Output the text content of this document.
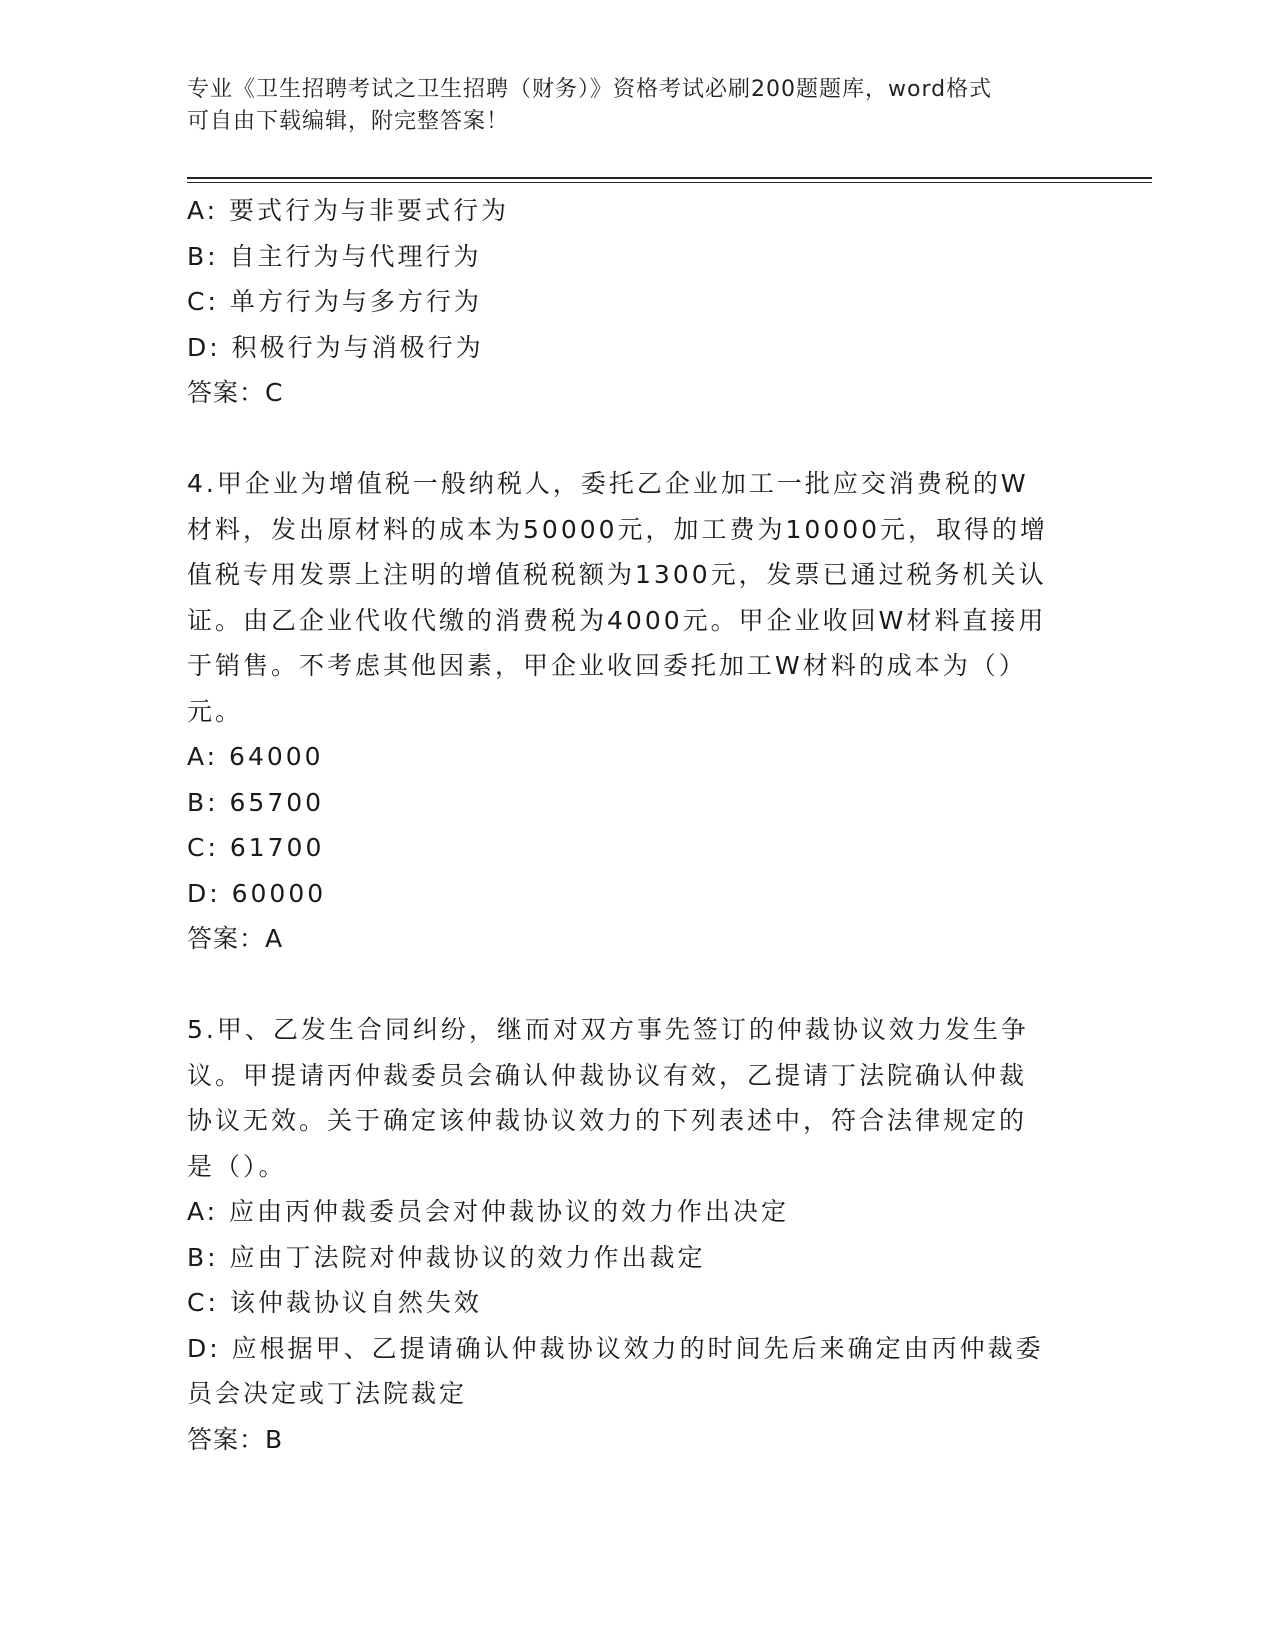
专业《卫生招聘考试之卫生招聘（财务）》资格考试必刷200题题库，word格式
可自由下载编辑，附完整答案！
A: 要式行为与非要式行为
B: 自主行为与代理行为
C: 单方行为与多方行为
D: 积极行为与消极行为
答案：C
4.甲企业为增值税一般纳税人，委托乙企业加工一批应交消费税的W
材料，发出原材料的成本为50000元，加工费为10000元，取得的增
值税专用发票上注明的增值税税额为1300元，发票已通过税务机关认
证。由乙企业代收代缴的消费税为4000元。甲企业收回W材料直接用
于销售。不考虑其他因素，甲企业收回委托加工W材料的成本为（）
元。
A: 64000
B: 65700
C: 61700
D: 60000
答案：A
5.甲、乙发生合同纠纷，继而对双方事先签订的仲裁协议效力发生争
议。甲提请丙仲裁委员会确认仲裁协议有效，乙提请丁法院确认仲裁
协议无效。关于确定该仲裁协议效力的下列表述中，符合法律规定的
是（）。
A: 应由丙仲裁委员会对仲裁协议的效力作出决定
B: 应由丁法院对仲裁协议的效力作出裁定
C: 该仲裁协议自然失效
D: 应根据甲、乙提请确认仲裁协议效力的时间先后来确定由丙仲裁委
员会决定或丁法院裁定
答案：B
